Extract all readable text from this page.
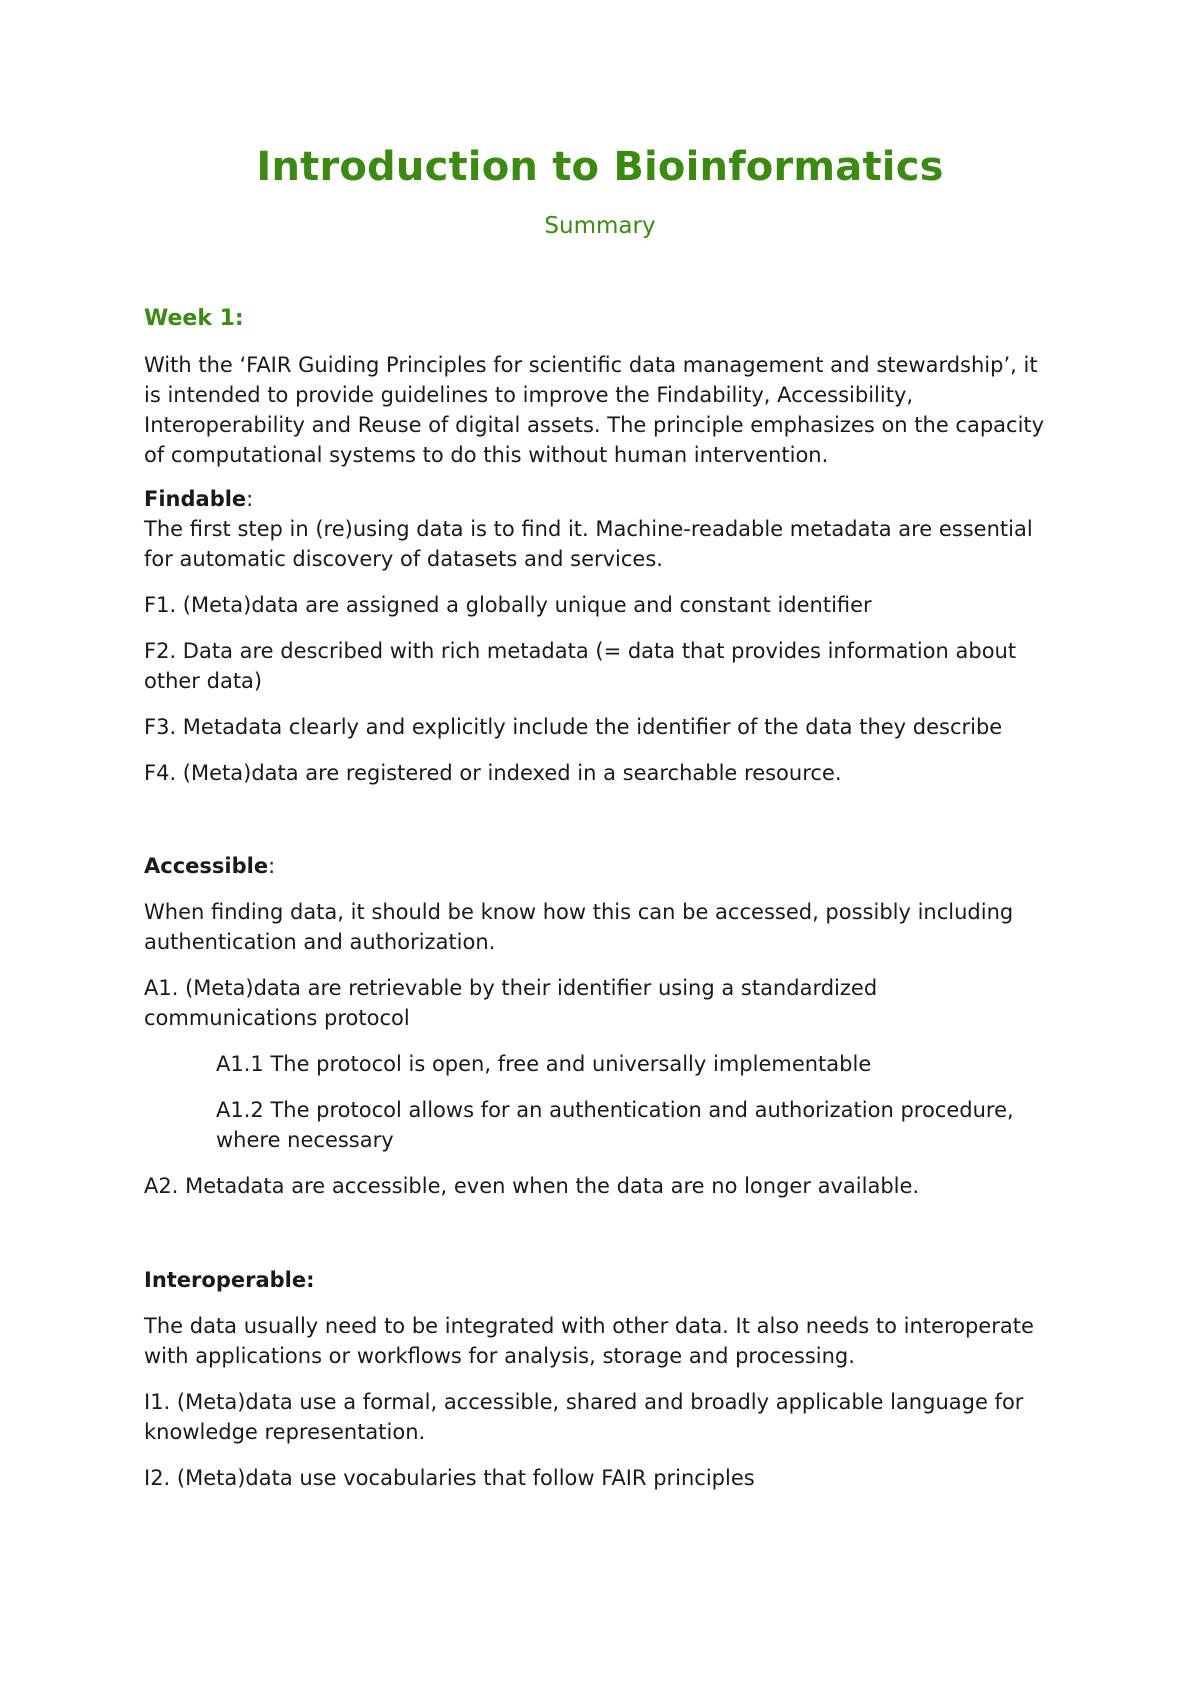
Introduction to Bioinformatics
Summary
Week 1:

With the ‘FAIR Guiding Principles for scientific data management and stewardship’, it is intended to provide guidelines to improve the Findability, Accessibility, Interoperability and Reuse of digital assets. The principle emphasizes on the capacity of computational systems to do this without human intervention.

Findable:

The first step in (re)using data is to find it. Machine-readable metadata are essential for automatic discovery of datasets and services.

F1. (Meta)data are assigned a globally unique and constant identifier

F2. Data are described with rich metadata (= data that provides information about other data)

F3. Metadata clearly and explicitly include the identifier of the data they describe

F4. (Meta)data are registered or indexed in a searchable resource.

Accessible:

When finding data, it should be know how this can be accessed, possibly including authentication and authorization.

A1. (Meta)data are retrievable by their identifier using a standardized communications protocol

A1.1 The protocol is open, free and universally implementable

A1.2 The protocol allows for an authentication and authorization procedure, where necessary

A2. Metadata are accessible, even when the data are no longer available.

Interoperable:

The data usually need to be integrated with other data. It also needs to interoperate with applications or workflows for analysis, storage and processing.

I1. (Meta)data use a formal, accessible, shared and broadly applicable language for knowledge representation.

I2. (Meta)data use vocabularies that follow FAIR principles
